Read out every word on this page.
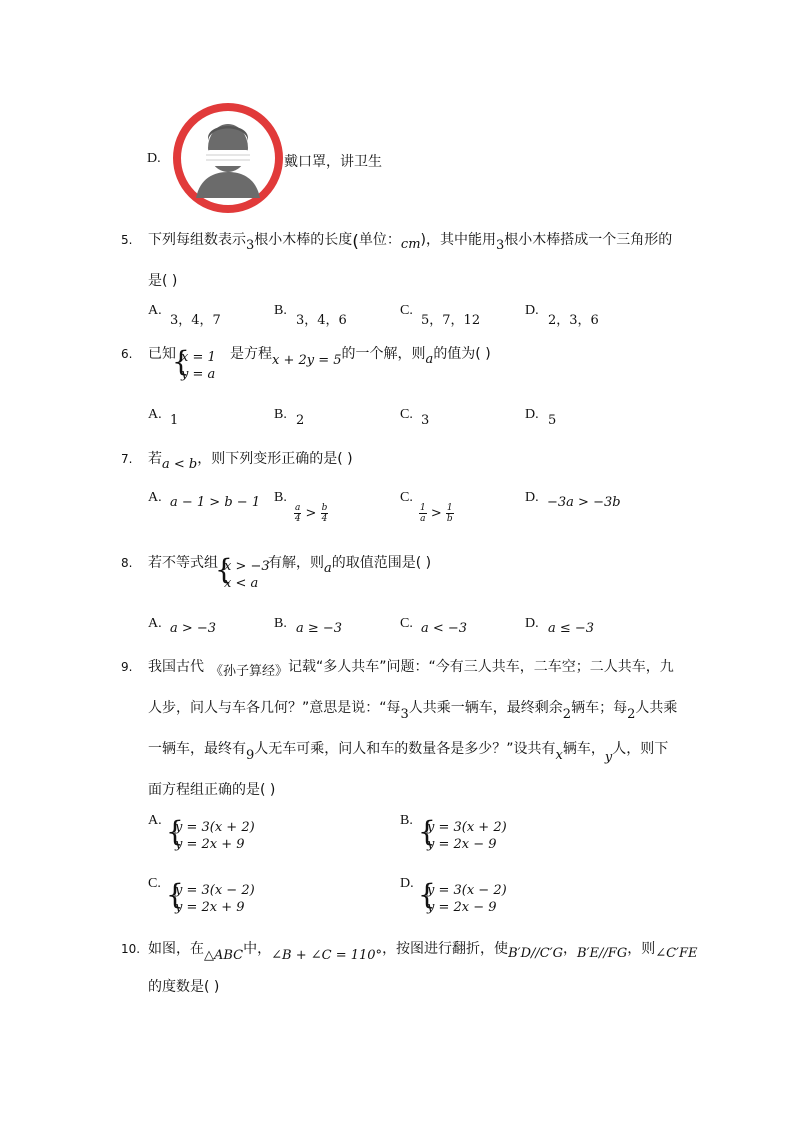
D.	戴口罩，讲卫生
5. 下列每组数表示3根小木棒的长度(单位：cm)，其中能用3根小木棒搭成一个三角形的
是( )
A.
3，4，7
B.
3，4，6
C.
5，7，12
D.
2，3，6
6. 已知
{
x = 1
y = a
是方程x + 2y = 5的一个解，则a的值为( )
A. 1	B. 2	C. 3	D. 5
7. 若a < b，则下列变形正确的是( )
A. a − 1 > b − 1 B.
$\frac{a}{4} > \frac{b}{4}$
C.
$\frac{1}{a} > \frac{1}{b}$
D. −3a > −3b
8. 若不等式组
{
x > −3
x < a
有解，则a的取值范围是( )
A. a > −3	B. a ≥ −3	C. a < −3	D. a ≤ −3
9. 我国古代 《孙子算经》记载“多人共车”问题：“今有三人共车，二车空；二人共车，九
人步，问人与车各几何？”意思是说：“每3人共乘一辆车，最终剩余2辆车；每2人共乘
一辆车，最终有9人无车可乘，问人和车的数量各是多少？”设共有x辆车，y人，则下
面方程组正确的是( )
A. {
y = 3(x + 2)
y = 2x + 9
B. {
y = 3(x + 2)
y = 2x − 9
C. {
y = 3(x − 2)
y = 2x + 9
D. {
y = 3(x − 2)
y = 2x − 9
10. 如图，在△ABC中，∠B + ∠C = 110°，按图进行翻折，使B′D//C′G，B′E//FG，则∠C′FE
的度数是( )
